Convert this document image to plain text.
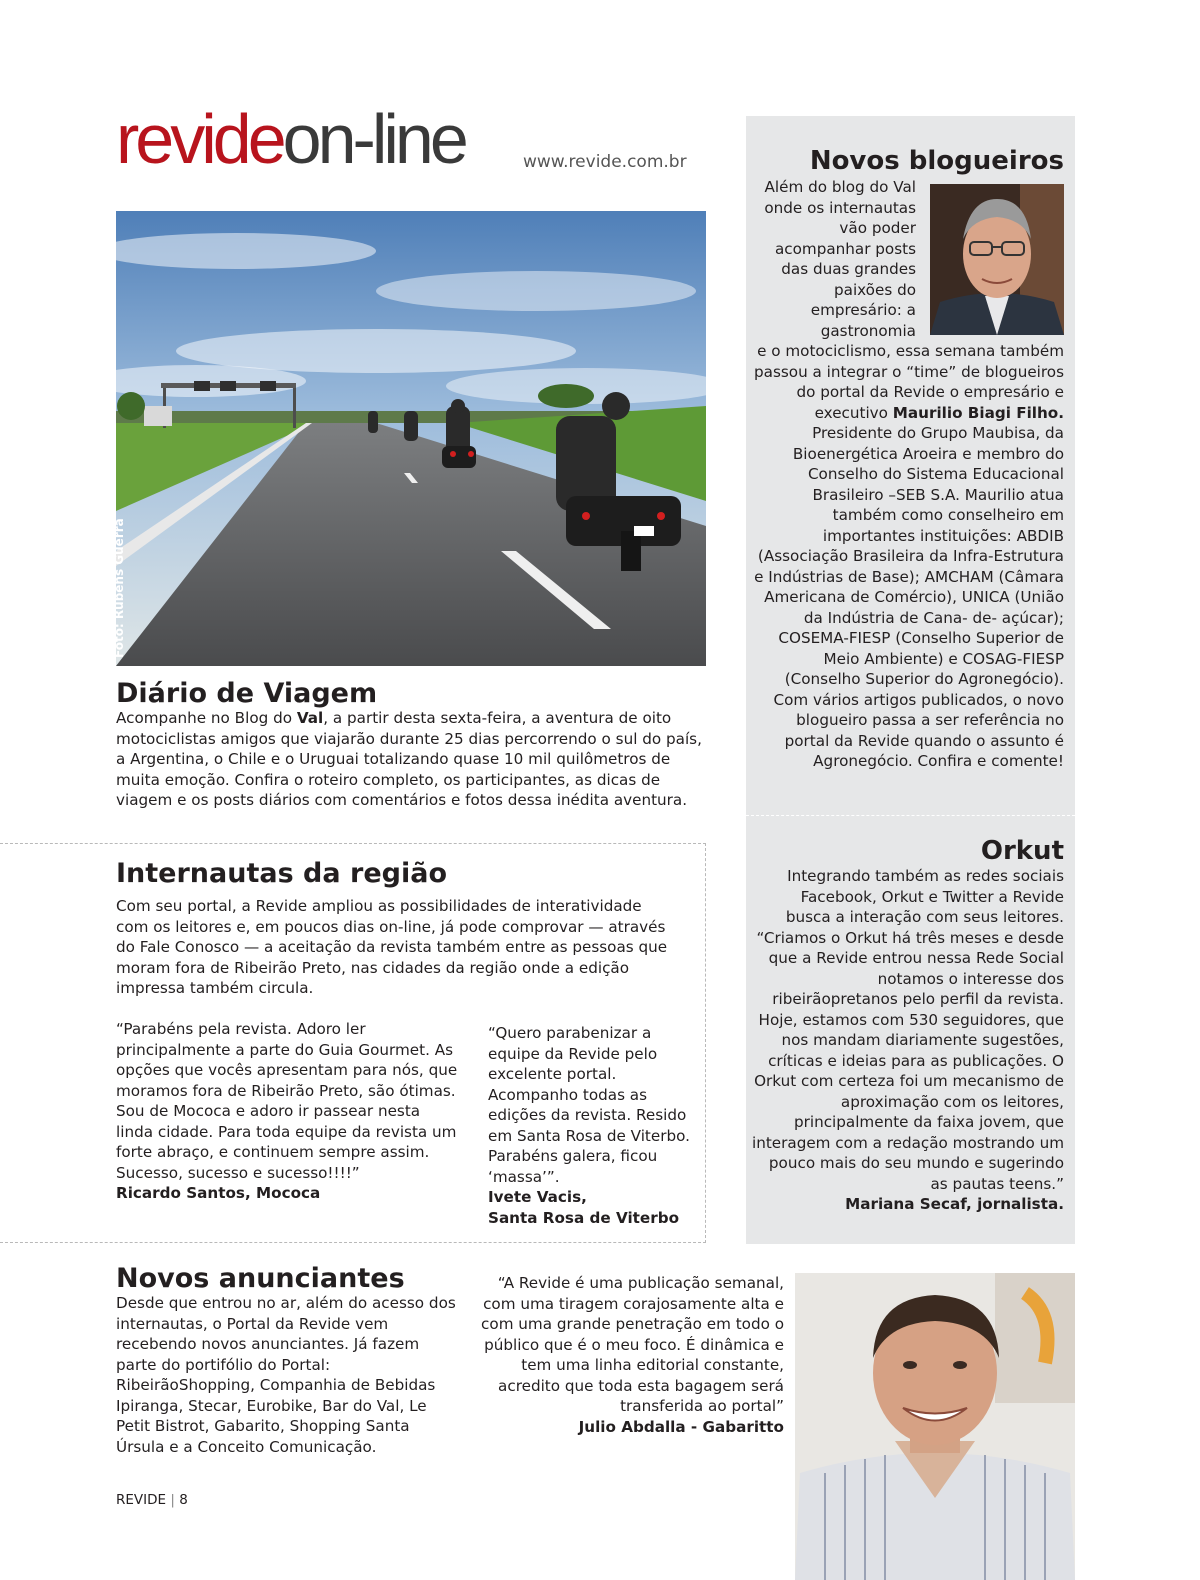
revideon-line	www.revide.com.br
Foto: Rubens Guerra
Diário de Viagem

Acompanhe no Blog do Val, a partir desta sexta-feira, a aventura de oito motociclistas amigos que viajarão durante 25 dias percorrendo o sul do país, a Argentina, o Chile e o Uruguai totalizando quase 10 mil quilômetros de muita emoção. Confira o roteiro completo, os participantes, as dicas de viagem e os posts diários com comentários e fotos dessa inédita aventura.

Internautas da região

Com seu portal, a Revide ampliou as possibilidades de interatividade com os leitores e, em poucos dias on-line, já pode comprovar — através do Fale Conosco — a aceitação da revista também entre as pessoas que moram fora de Ribeirão Preto, nas cidades da região onde a edição impressa também circula.

“Parabéns pela revista. Adoro ler principalmente a parte do Guia Gourmet. As opções que vocês apresentam para nós, que moramos fora de Ribeirão Preto, são ótimas. Sou de Mococa e adoro ir passear nesta linda cidade. Para toda equipe da revista um forte abraço, e continuem sempre assim. Sucesso, sucesso e sucesso!!!!”
Ricardo Santos, Mococa
“Quero parabenizar a equipe da Revide pelo excelente portal. Acompanho todas as edições da revista. Resido em Santa Rosa de Viterbo. Parabéns galera, ficou ‘massa’”.
Ivete Vacis,
Santa Rosa de Viterbo
Novos blogueiros

Além do blog do Val onde os internautas vão poder acompanhar posts das duas grandes paixões do empresário: a gastronomia

e o motociclismo, essa semana também passou a integrar o “time” de blogueiros do portal da Revide o empresário e executivo Maurilio Biagi Filho. Presidente do Grupo Maubisa, da Bioenergética Aroeira e membro do Conselho do Sistema Educacional Brasileiro –SEB S.A. Maurilio atua também como conselheiro em importantes instituições: ABDIB (Associação Brasileira da Infra-Estrutura e Indústrias de Base); AMCHAM (Câmara Americana de Comércio), UNICA (União da Indústria de Cana- de- açúcar); COSEMA-FIESP (Conselho Superior de Meio Ambiente) e COSAG-FIESP (Conselho Superior do Agronegócio). Com vários artigos publicados, o novo blogueiro passa a ser referência no portal da Revide quando o assunto é Agronegócio. Confira e comente!

Orkut
Integrando também as redes sociais Facebook, Orkut e Twitter a Revide busca a interação com seus leitores. “Criamos o Orkut há três meses e desde que a Revide entrou nessa Rede Social notamos o interesse dos ribeirãopretanos pelo perfil da revista. Hoje, estamos com 530 seguidores, que nos mandam diariamente sugestões, críticas e ideias para as publicações. O Orkut com certeza foi um mecanismo de aproximação com os leitores, principalmente da faixa jovem, que interagem com a redação mostrando um pouco mais do seu mundo e sugerindo as pautas teens.”
Mariana Secaf, jornalista.
Novos anunciantes

Desde que entrou no ar, além do acesso dos internautas, o Portal da Revide vem recebendo novos anunciantes. Já fazem parte do portifólio do Portal: RibeirãoShopping, Companhia de Bebidas Ipiranga, Stecar, Eurobike, Bar do Val, Le Petit Bistrot, Gabarito, Shopping Santa Úrsula e a Conceito Comunicação.

“A Revide é uma publicação semanal, com uma tiragem corajosamente alta e com uma grande penetração em todo o público que é o meu foco. É dinâmica e tem uma linha editorial constante, acredito que toda esta bagagem será transferida ao portal”
Julio Abdalla - Gabaritto
REVIDE | 8
